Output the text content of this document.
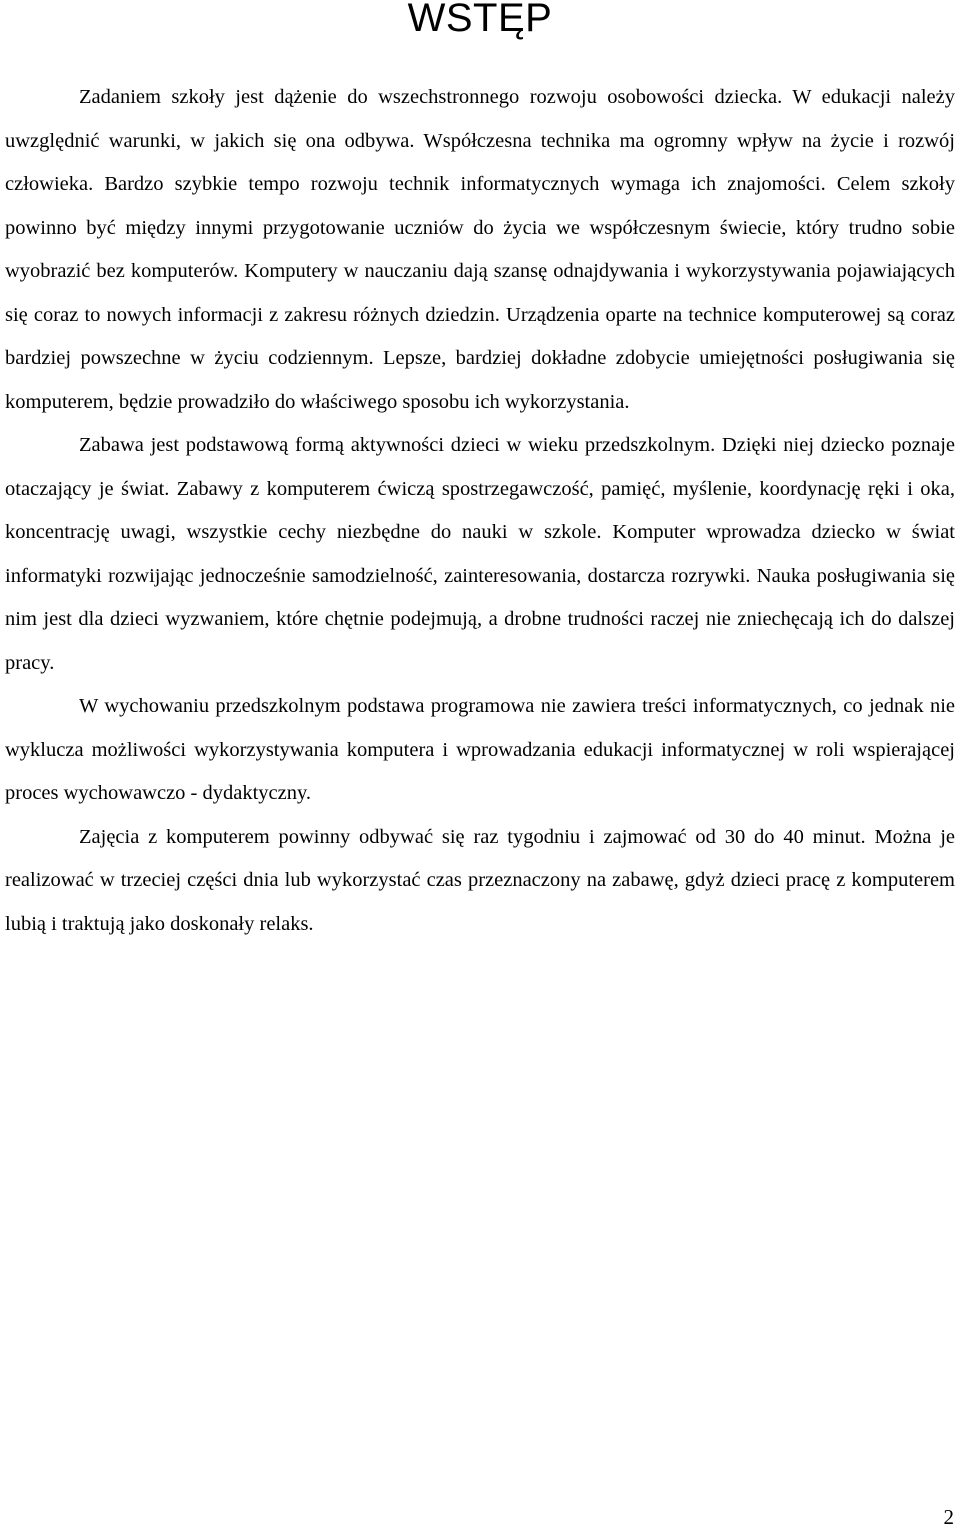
WSTĘP

Zadaniem szkoły jest dążenie do wszechstronnego rozwoju osobowości dziecka. W edukacji należy uwzględnić warunki, w jakich się ona odbywa. Współczesna technika ma ogromny wpływ na życie i rozwój człowieka. Bardzo szybkie tempo rozwoju technik informatycznych wymaga ich znajomości. Celem szkoły powinno być między innymi przygotowanie uczniów do życia we współczesnym świecie, który trudno sobie wyobrazić bez komputerów. Komputery w nauczaniu dają szansę odnajdywania i wykorzystywania pojawiających się coraz to nowych informacji z zakresu różnych dziedzin. Urządzenia oparte na technice komputerowej są coraz bardziej powszechne w życiu codziennym. Lepsze, bardziej dokładne zdobycie umiejętności posługiwania się komputerem, będzie prowadziło do właściwego sposobu ich wykorzystania.

Zabawa jest podstawową formą aktywności dzieci w wieku przedszkolnym. Dzięki niej dziecko poznaje otaczający je świat. Zabawy z komputerem ćwiczą spostrzegawczość, pamięć, myślenie, koordynację ręki i oka, koncentrację uwagi, wszystkie cechy niezbędne do nauki w szkole. Komputer wprowadza dziecko w świat informatyki rozwijając jednocześnie samodzielność, zainteresowania, dostarcza rozrywki. Nauka posługiwania się nim jest dla dzieci wyzwaniem, które chętnie podejmują, a drobne trudności raczej nie zniechęcają ich do dalszej pracy.

W wychowaniu przedszkolnym podstawa programowa nie zawiera treści informatycznych, co jednak nie wyklucza możliwości wykorzystywania komputera i wprowadzania edukacji informatycznej w roli wspierającej proces wychowawczo - dydaktyczny.

Zajęcia z komputerem powinny odbywać się raz tygodniu i zajmować od 30 do 40 minut. Można je realizować w trzeciej części dnia lub wykorzystać czas przeznaczony na zabawę, gdyż dzieci pracę z komputerem lubią i traktują jako doskonały relaks.

2
